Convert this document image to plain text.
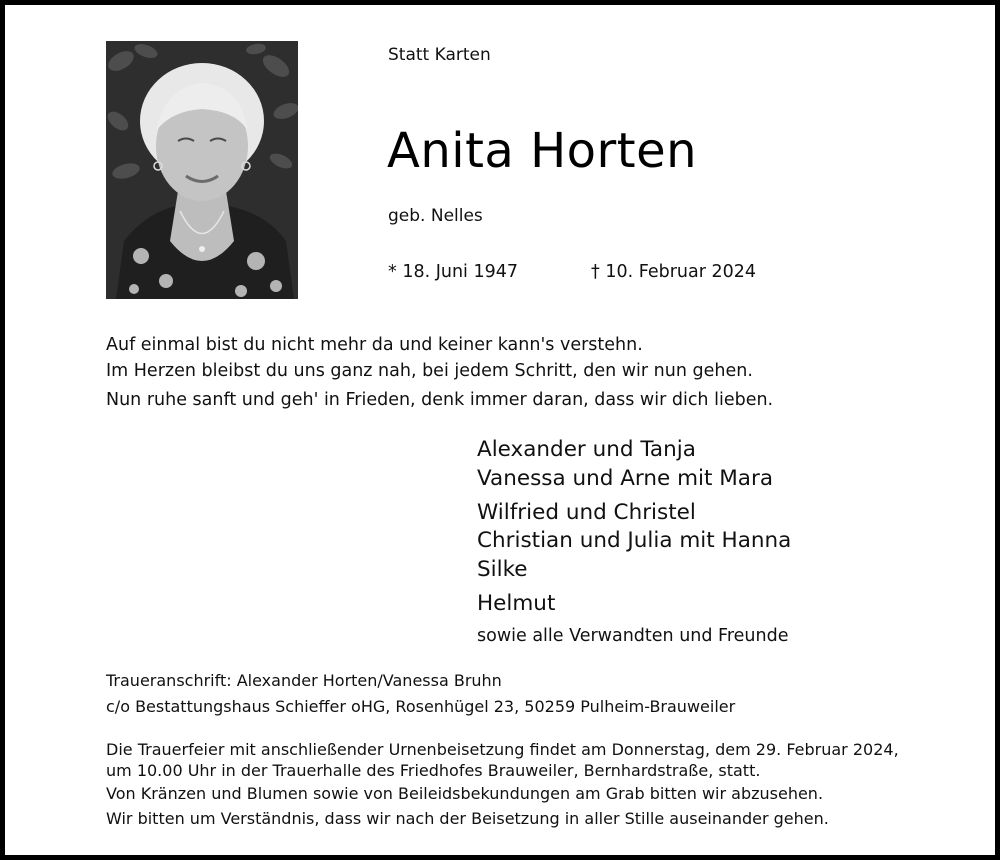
Statt Karten
Anita Horten
geb. Nelles
* 18. Juni 1947	† 10. Februar 2024
Auf einmal bist du nicht mehr da und keiner kann's verstehn.
Im Herzen bleibst du uns ganz nah, bei jedem Schritt, den wir nun gehen.
Nun ruhe sanft und geh' in Frieden, denk immer daran, dass wir dich lieben.
Alexander und Tanja
Vanessa und Arne mit Mara
Wilfried und Christel
Christian und Julia mit Hanna
Silke
Helmut
sowie alle Verwandten und Freunde
Traueranschrift: Alexander Horten/Vanessa Bruhn
c/o Bestattungshaus Schieffer oHG, Rosenhügel 23, 50259 Pulheim-Brauweiler
Die Trauerfeier mit anschließender Urnenbeisetzung findet am Donnerstag, dem 29. Februar 2024,
um 10.00 Uhr in der Trauerhalle des Friedhofes Brauweiler, Bernhardstraße, statt.
Von Kränzen und Blumen sowie von Beileidsbekundungen am Grab bitten wir abzusehen.
Wir bitten um Verständnis, dass wir nach der Beisetzung in aller Stille auseinander gehen.
